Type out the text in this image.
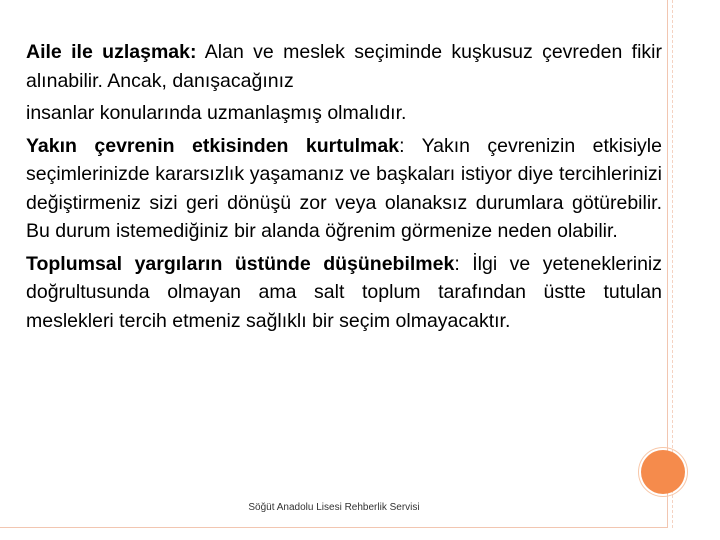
Aile ile uzlaşmak: Alan ve meslek seçiminde kuşkusuz çevreden fikir alınabilir. Ancak, danışacağınız

insanlar konularında uzmanlaşmış olmalıdır.

Yakın çevrenin etkisinden kurtulmak: Yakın çevrenizin etkisiyle seçimlerinizde kararsızlık yaşamanız ve başkaları istiyor diye tercihlerinizi değiştirmeniz sizi geri dönüşü zor veya olanaksız durumlara götürebilir. Bu durum istemediğiniz bir alanda öğrenim görmenize neden olabilir.

Toplumsal yargıların üstünde düşünebilmek: İlgi ve yetenekleriniz doğrultusunda olmayan ama salt toplum tarafından üstte tutulan meslekleri tercih etmeniz sağlıklı bir seçim olmayacaktır.

Söğüt Anadolu Lisesi Rehberlik Servisi
